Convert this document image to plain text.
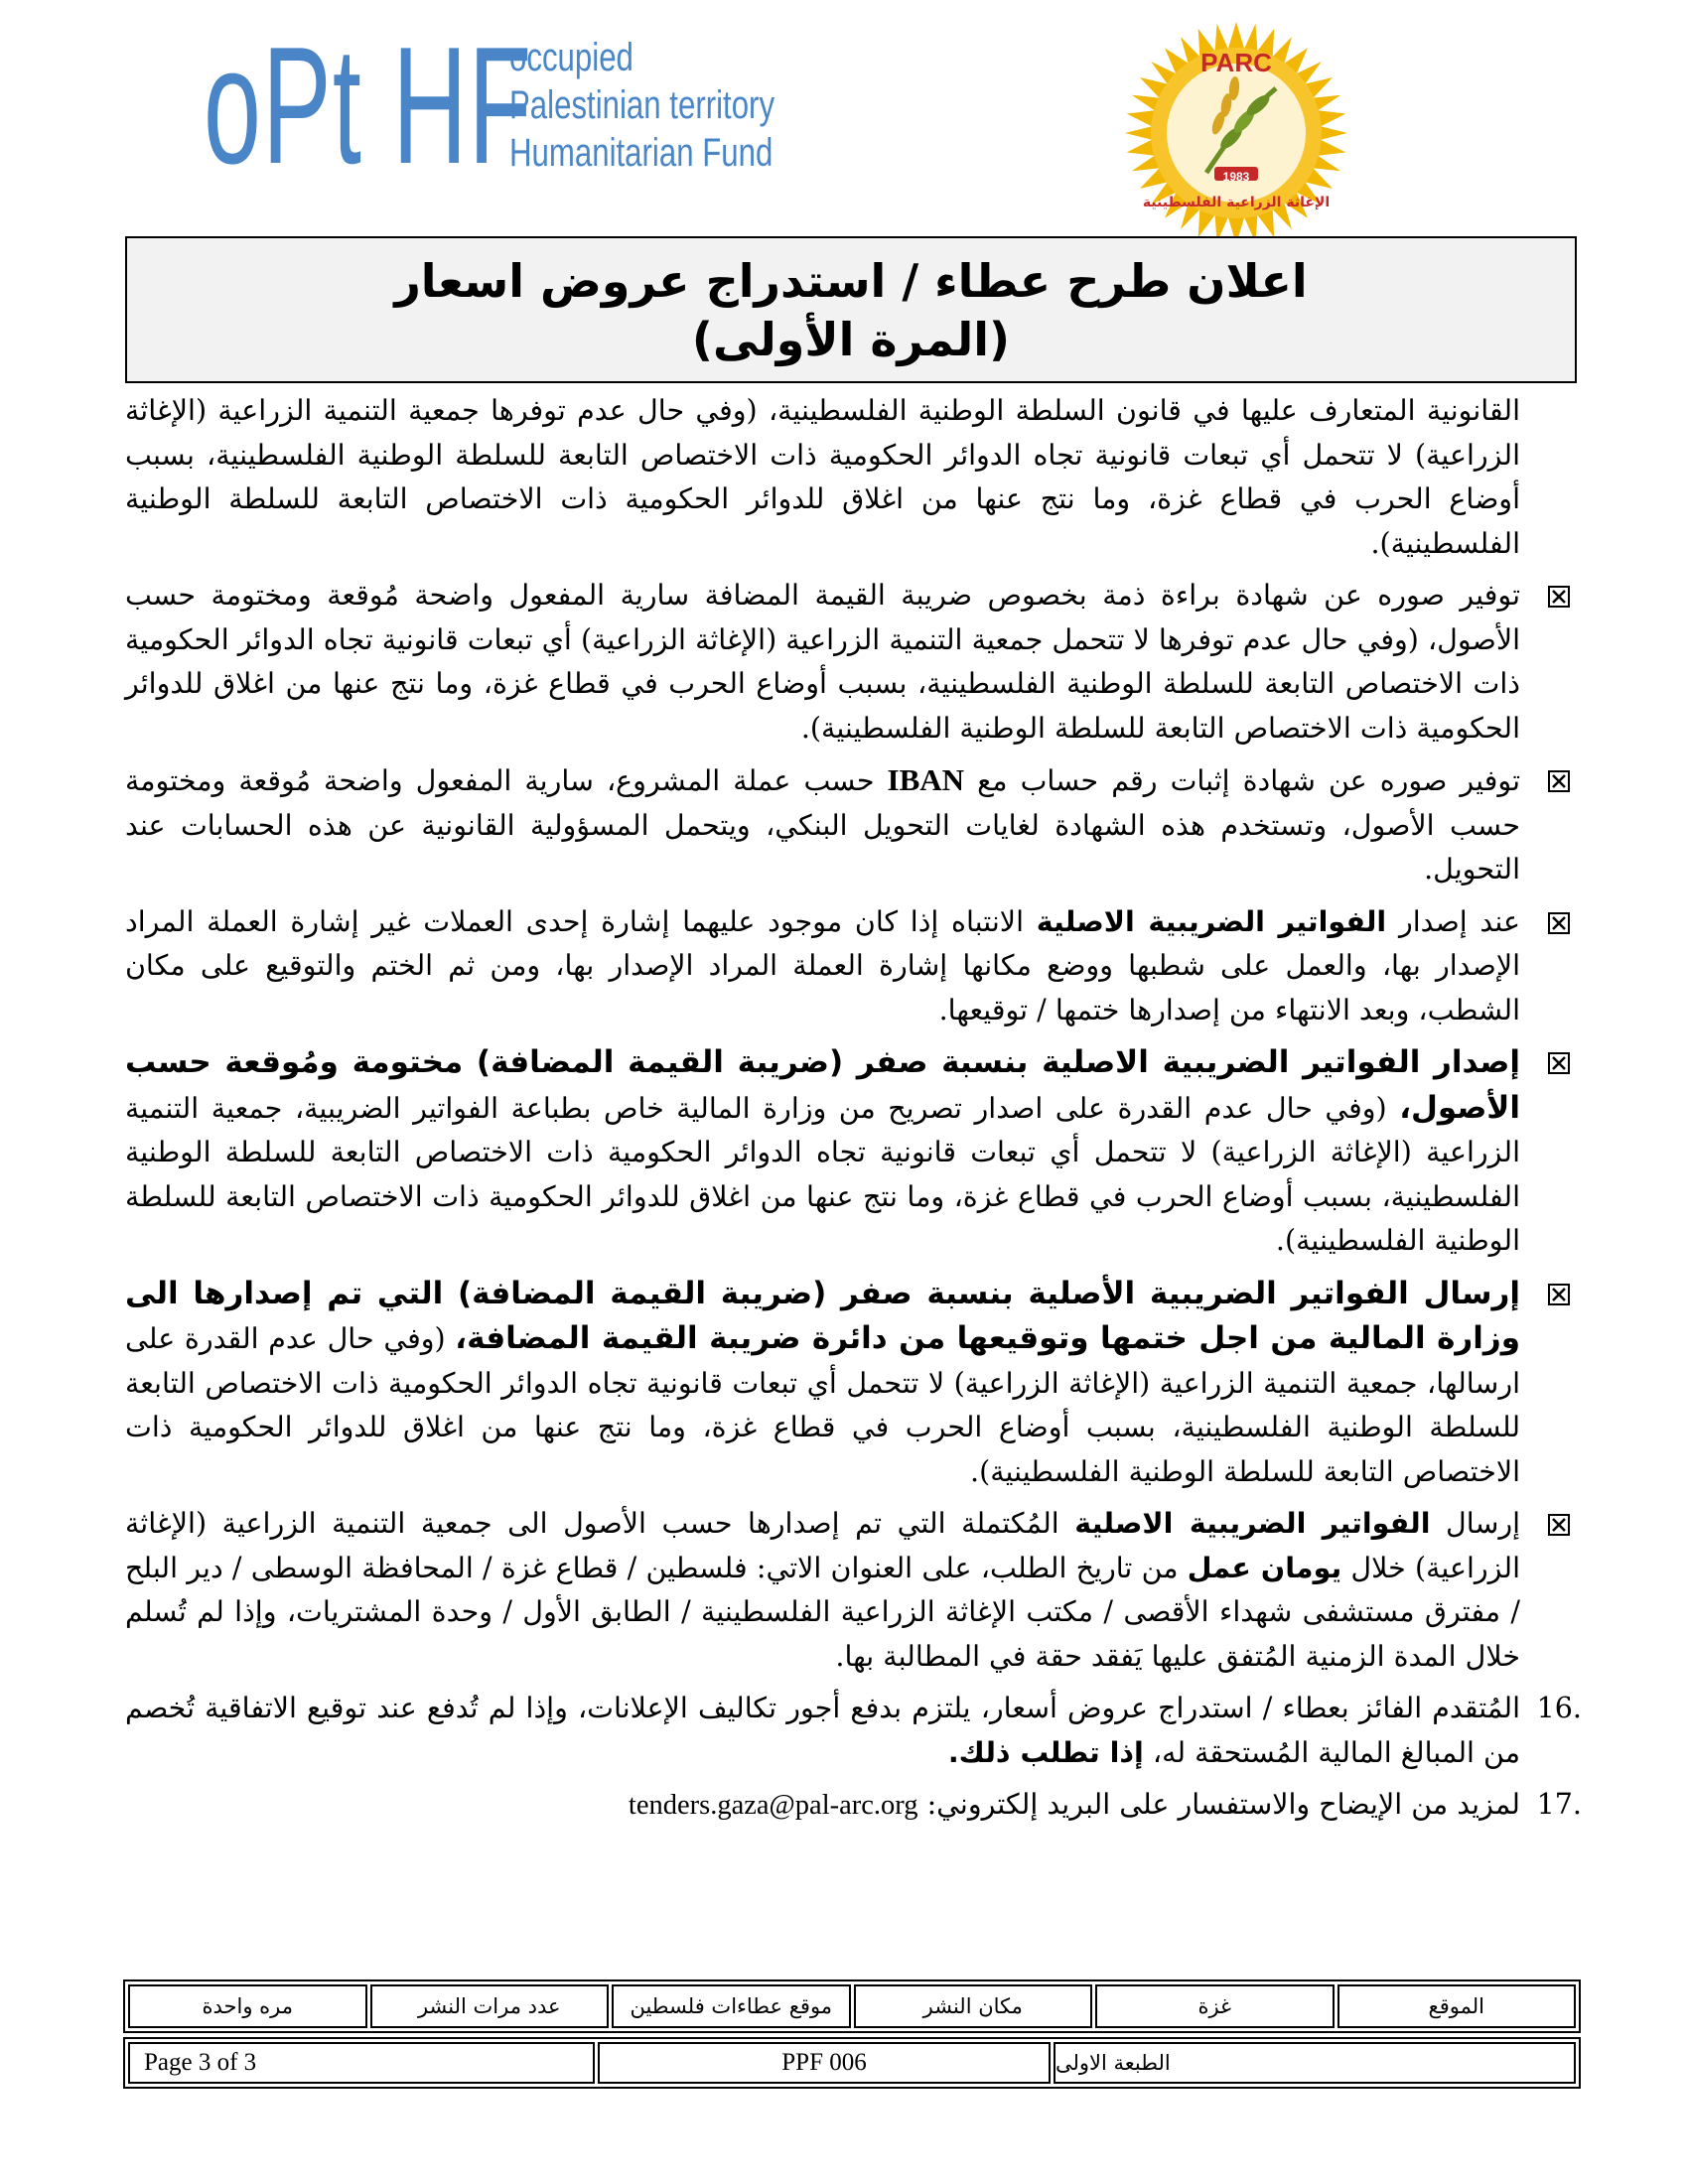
oPt HF
occupied
Palestinian territory
Humanitarian Fund
PARC
1983
الإغاثة الزراعية الفلسطينية
اعلان طرح عطاء / استدراج عروض اسعار
(المرة الأولى)

القانونية المتعارف عليها في قانون السلطة الوطنية الفلسطينية، (وفي حال عدم توفرها جمعية التنمية الزراعية (الإغاثة الزراعية) لا تتحمل أي تبعات قانونية تجاه الدوائر الحكومية ذات الاختصاص التابعة للسلطة الوطنية الفلسطينية، بسبب أوضاع الحرب في قطاع غزة، وما نتج عنها من اغلاق للدوائر الحكومية ذات الاختصاص التابعة للسلطة الوطنية الفلسطينية).

توفير صوره عن شهادة براءة ذمة بخصوص ضريبة القيمة المضافة سارية المفعول واضحة مُوقعة ومختومة حسب الأصول، (وفي حال عدم توفرها لا تتحمل جمعية التنمية الزراعية (الإغاثة الزراعية) أي تبعات قانونية تجاه الدوائر الحكومية ذات الاختصاص التابعة للسلطة الوطنية الفلسطينية، بسبب أوضاع الحرب في قطاع غزة، وما نتج عنها من اغلاق للدوائر الحكومية ذات الاختصاص التابعة للسلطة الوطنية الفلسطينية).

توفير صوره عن شهادة إثبات رقم حساب مع IBAN حسب عملة المشروع، سارية المفعول واضحة مُوقعة ومختومة حسب الأصول، وتستخدم هذه الشهادة لغايات التحويل البنكي، ويتحمل المسؤولية القانونية عن هذه الحسابات عند التحويل.

عند إصدار الفواتير الضريبية الاصلية الانتباه إذا كان موجود عليهما إشارة إحدى العملات غير إشارة العملة المراد الإصدار بها، والعمل على شطبها ووضع مكانها إشارة العملة المراد الإصدار بها، ومن ثم الختم والتوقيع على مكان الشطب، وبعد الانتهاء من إصدارها ختمها / توقيعها.

إصدار الفواتير الضريبية الاصلية بنسبة صفر (ضريبة القيمة المضافة) مختومة ومُوقعة حسب الأصول، (وفي حال عدم القدرة على اصدار تصريح من وزارة المالية خاص بطباعة الفواتير الضريبية، جمعية التنمية الزراعية (الإغاثة الزراعية) لا تتحمل أي تبعات قانونية تجاه الدوائر الحكومية ذات الاختصاص التابعة للسلطة الوطنية الفلسطينية، بسبب أوضاع الحرب في قطاع غزة، وما نتج عنها من اغلاق للدوائر الحكومية ذات الاختصاص التابعة للسلطة الوطنية الفلسطينية).

إرسال الفواتير الضريبية الأصلية بنسبة صفر (ضريبة القيمة المضافة) التي تم إصدارها الى وزارة المالية من اجل ختمها وتوقيعها من دائرة ضريبة القيمة المضافة، (وفي حال عدم القدرة على ارسالها، جمعية التنمية الزراعية (الإغاثة الزراعية) لا تتحمل أي تبعات قانونية تجاه الدوائر الحكومية ذات الاختصاص التابعة للسلطة الوطنية الفلسطينية، بسبب أوضاع الحرب في قطاع غزة، وما نتج عنها من اغلاق للدوائر الحكومية ذات الاختصاص التابعة للسلطة الوطنية الفلسطينية).

إرسال الفواتير الضريبية الاصلية المُكتملة التي تم إصدارها حسب الأصول الى جمعية التنمية الزراعية (الإغاثة الزراعية) خلال يومان عمل من تاريخ الطلب، على العنوان الاتي: فلسطين / قطاع غزة / المحافظة الوسطى / دير البلح / مفترق مستشفى شهداء الأقصى / مكتب الإغاثة الزراعية الفلسطينية / الطابق الأول / وحدة المشتريات، وإذا لم تُسلم خلال المدة الزمنية المُتفق عليها يَفقد حقة في المطالبة بها.

16.

المُتقدم الفائز بعطاء / استدراج عروض أسعار، يلتزم بدفع أجور تكاليف الإعلانات، وإذا لم تُدفع عند توقيع الاتفاقية تُخصم من المبالغ المالية المُستحقة له، إذا تطلب ذلك.

17.

لمزيد من الإيضاح والاستفسار على البريد إلكتروني: tenders.gaza@pal-arc.org

الموقع
غزة
مكان النشر
موقع عطاءات فلسطين
عدد مرات النشر
مره واحدة
الطبعة الاولى
PPF 006
Page 3 of 3
